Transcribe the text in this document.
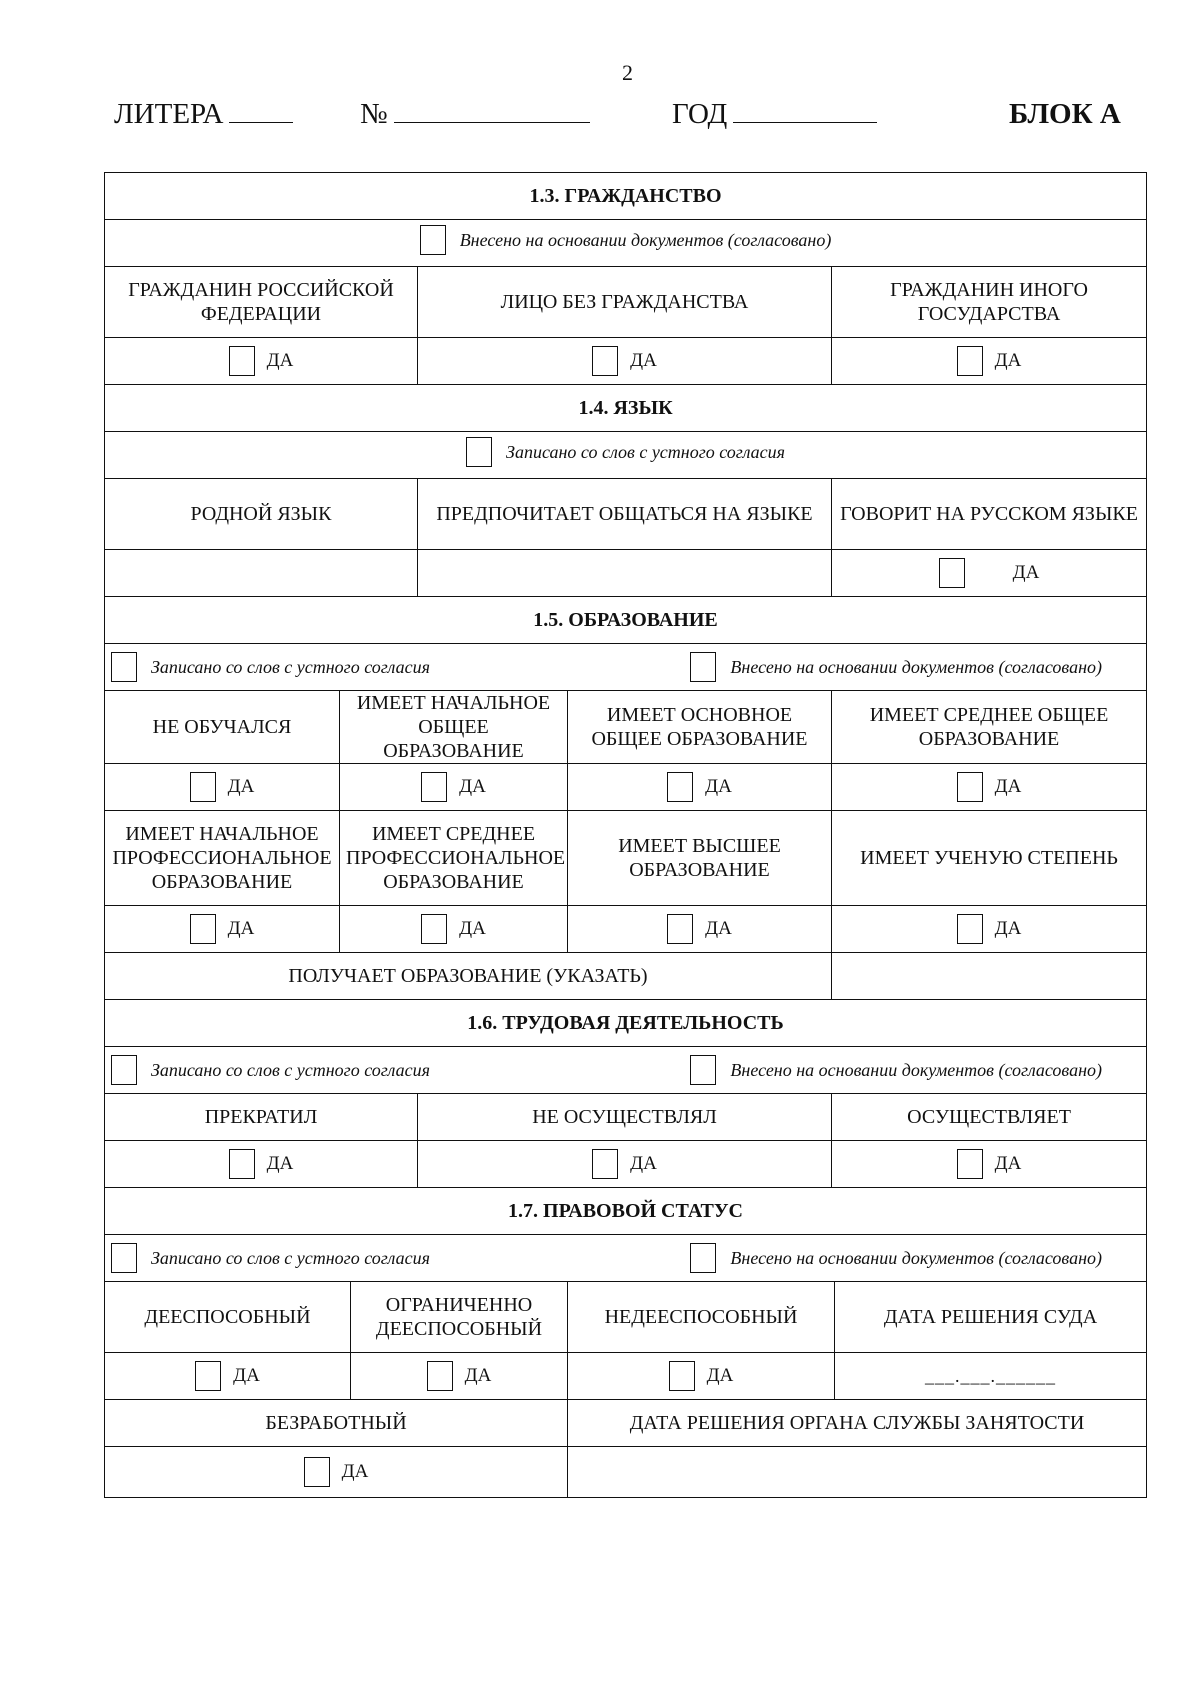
2
ЛИТЕРА	№	ГОД	БЛОК А
1.3. ГРАЖДАНСТВО						

Внесено на основании документов (согласовано)						

ГРАЖДАНИН РОССИЙСКОЙ ФЕДЕРАЦИИ			ЛИЦО БЕЗ ГРАЖДАНСТВА		ГРАЖДАНИН ИНОГО ГОСУДАРСТВА	
ДА			ДА		ДА	
1.4. ЯЗЫК						

Записано со слов с устного согласия						

РОДНОЙ ЯЗЫК			ПРЕДПОЧИТАЕТ ОБЩАТЬСЯ НА ЯЗЫКЕ		ГОВОРИТ НА РУССКОМ ЯЗЫКЕ	
					ДА	
1.5. ОБРАЗОВАНИЕ						

Записано со слов с устного согласия Внесено на основании документов (согласовано)						

НЕ ОБУЧАЛСЯ	ИМЕЕТ НАЧАЛЬНОЕ ОБЩЕЕ ОБРАЗОВАНИЕ			ИМЕЕТ ОСНОВНОЕ ОБЩЕЕ ОБРАЗОВАНИЕ	ИМЕЕТ СРЕДНЕЕ ОБЩЕЕ ОБРАЗОВАНИЕ	
ДА	ДА			ДА	ДА	
ИМЕЕТ НАЧАЛЬНОЕ ПРОФЕССИОНАЛЬНОЕ ОБРАЗОВАНИЕ	ИМЕЕТ СРЕДНЕЕ ПРОФЕССИОНАЛЬНОЕ ОБРАЗОВАНИЕ			ИМЕЕТ ВЫСШЕЕ ОБРАЗОВАНИЕ	ИМЕЕТ УЧЕНУЮ СТЕПЕНЬ	
ДА	ДА			ДА	ДА	
ПОЛУЧАЕТ ОБРАЗОВАНИЕ (УКАЗАТЬ)						
1.6. ТРУДОВАЯ ДЕЯТЕЛЬНОСТЬ						

Записано со слов с устного согласия Внесено на основании документов (согласовано)						

ПРЕКРАТИЛ			НЕ ОСУЩЕСТВЛЯЛ		ОСУЩЕСТВЛЯЕТ	
ДА			ДА		ДА	
1.7. ПРАВОВОЙ СТАТУС						

Записано со слов с устного согласия Внесено на основании документов (согласовано)						

ДЕЕСПОСОБНЫЙ		ОГРАНИЧЕННО ДЕЕСПОСОБНЫЙ		НЕДЕЕСПОСОБНЫЙ		ДАТА РЕШЕНИЯ СУДА
ДА		ДА		ДА		___.___.______
БЕЗРАБОТНЫЙ				ДАТА РЕШЕНИЯ ОРГАНА СЛУЖБЫ ЗАНЯТОСТИ		
ДА						
